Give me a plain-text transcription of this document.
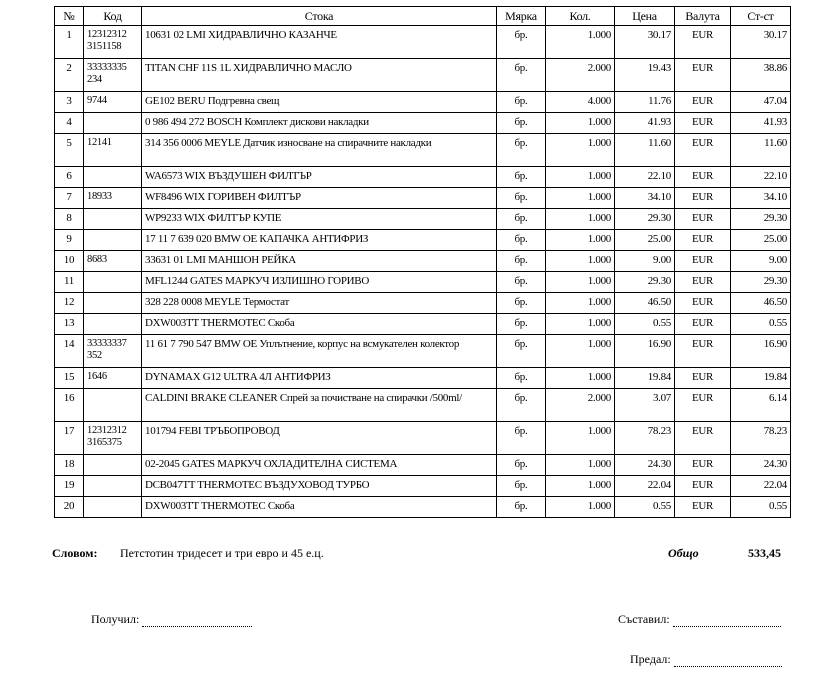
№	Код	Стока	Мярка	Кол.	Цена	Валута	Ст-ст
1	12312312 3151158	10631 02 LMI ХИДРАВЛИЧНО КАЗАНЧЕ	бр.	1.000	30.17	EUR	30.17
2	33333335 234	TITAN CHF 11S 1L ХИДРАВЛИЧНО МАСЛО	бр.	2.000	19.43	EUR	38.86
3	9744	GE102 BERU Подгревна свещ	бр.	4.000	11.76	EUR	47.04
4		0 986 494 272 BOSCH Комплект дискови накладки	бр.	1.000	41.93	EUR	41.93
5	12141	314 356 0006 MEYLE Датчик износване на спирачните накладки	бр.	1.000	11.60	EUR	11.60
6		WA6573 WIX ВЪЗДУШЕН ФИЛТЪР	бр.	1.000	22.10	EUR	22.10
7	18933	WF8496 WIX ГОРИВЕН ФИЛТЪР	бр.	1.000	34.10	EUR	34.10
8		WP9233 WIX ФИЛТЪР КУПЕ	бр.	1.000	29.30	EUR	29.30
9		17 11 7 639 020 BMW OE КАПАЧКА АНТИФРИЗ	бр.	1.000	25.00	EUR	25.00
10	8683	33631 01 LMI МАНШОН РЕЙКА	бр.	1.000	9.00	EUR	9.00
11		MFL1244 GATES МАРКУЧ ИЗЛИШНО ГОРИВО	бр.	1.000	29.30	EUR	29.30
12		328 228 0008 MEYLE Термостат	бр.	1.000	46.50	EUR	46.50
13		DXW003TT THERMOTEC Скоба	бр.	1.000	0.55	EUR	0.55
14	33333337 352	11 61 7 790 547 BMW OE Уплътнение, корпус на всмукателен колектор	бр.	1.000	16.90	EUR	16.90
15	1646	DYNAMAX G12 ULTRA 4Л АНТИФРИЗ	бр.	1.000	19.84	EUR	19.84
16		CALDINI BRAKE CLEANER Спрей за почистване на спирачки /500ml/	бр.	2.000	3.07	EUR	6.14
17	12312312 3165375	101794 FEBI ТРЪБОПРОВОД	бр.	1.000	78.23	EUR	78.23
18		02-2045 GATES МАРКУЧ ОХЛАДИТЕЛНА СИСТЕМА	бр.	1.000	24.30	EUR	24.30
19		DCB047TT THERMOTEC ВЪЗДУХОВОД ТУРБО	бр.	1.000	22.04	EUR	22.04
20		DXW003TT THERMOTEC Скоба	бр.	1.000	0.55	EUR	0.55
Словом: Петстотин тридесет и три евро и 45 е.ц.	Общо	533,45
Получил:	Съставил:
Предал:
